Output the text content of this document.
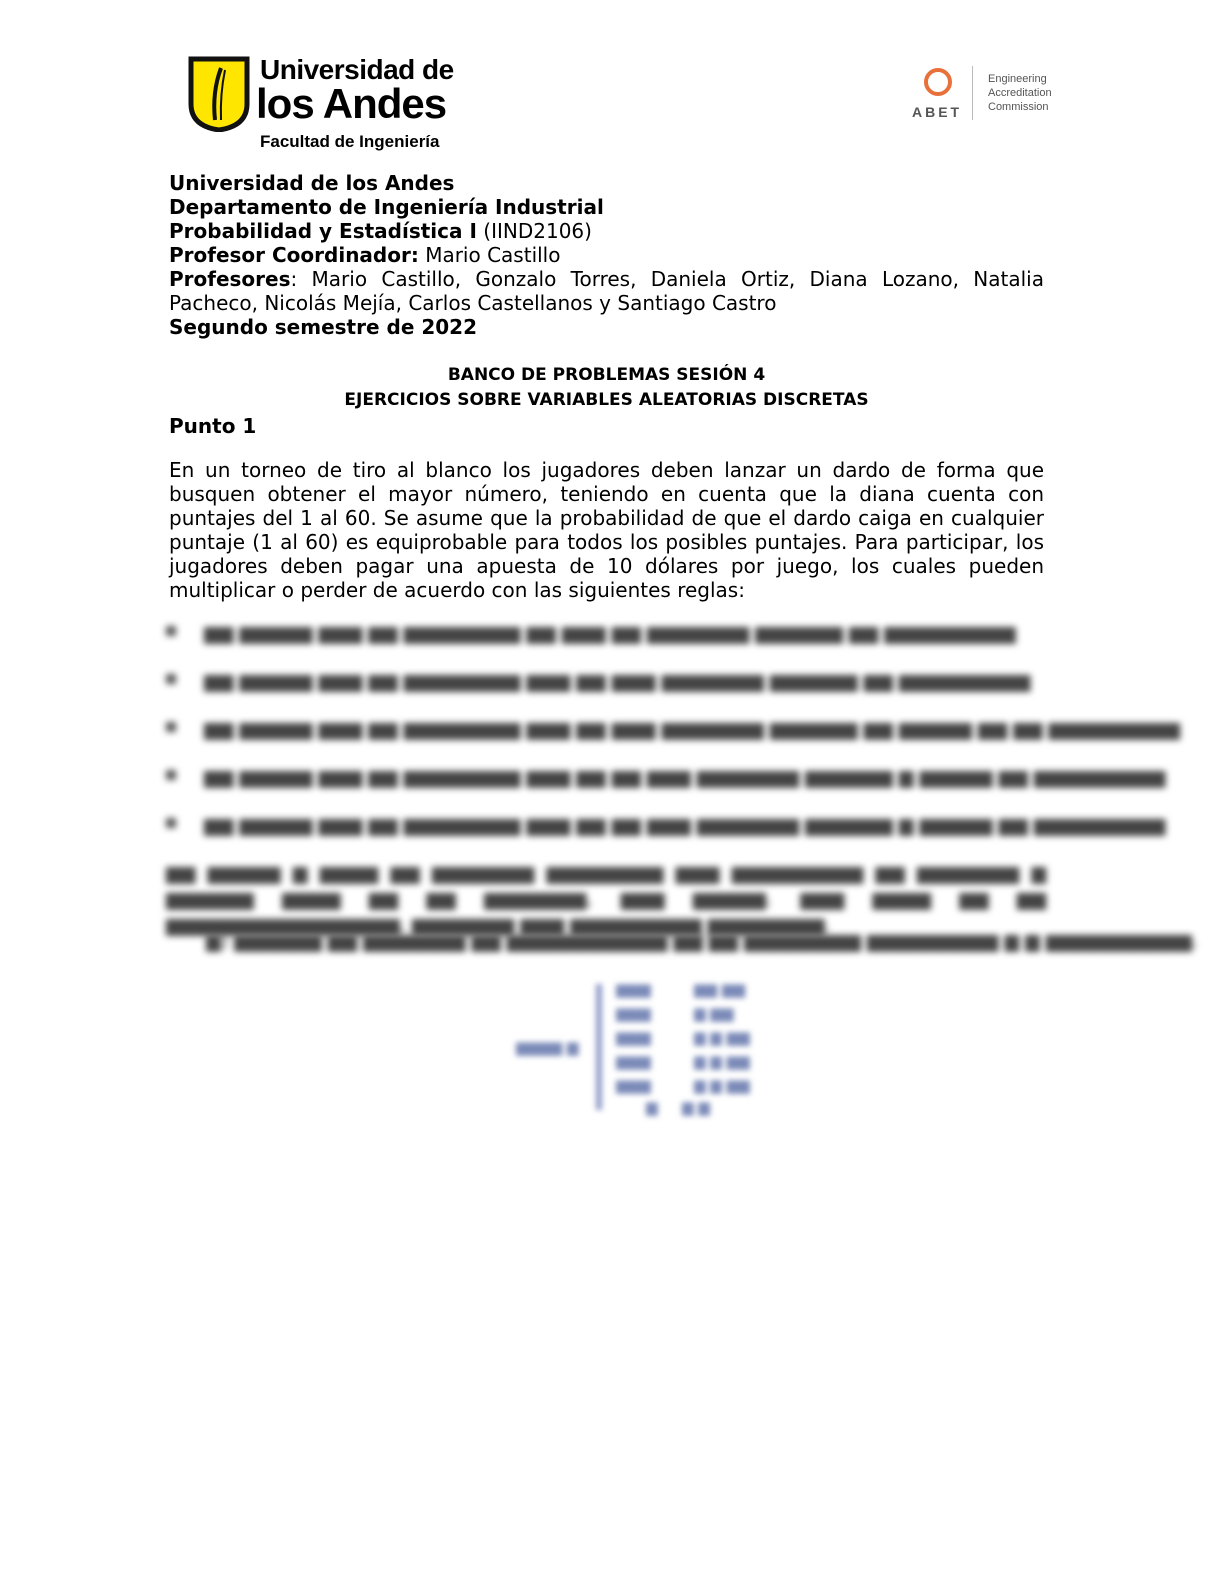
Universidad de
los Andes
Facultad de Ingeniería
ABET
Engineering
Accreditation
Commission
Universidad de los Andes
Departamento de Ingeniería Industrial
Probabilidad y Estadística I (IIND2106)
Profesor Coordinador: Mario Castillo
Profesores: Mario Castillo, Gonzalo Torres, Daniela Ortiz, Diana Lozano, Natalia Pacheco, Nicolás Mejía, Carlos Castellanos y Santiago Castro
Segundo semestre de 2022
BANCO DE PROBLEMAS SESIÓN 4
EJERCICIOS SOBRE VARIABLES ALEATORIAS DISCRETAS
Punto 1
En un torneo de tiro al blanco los jugadores deben lanzar un dardo de forma que busquen obtener el mayor número, teniendo en cuenta que la diana cuenta con puntajes del 1 al 60. Se asume que la probabilidad de que el dardo caiga en cualquier puntaje (1 al 60) es equiprobable para todos los posibles puntajes. Para participar, los jugadores deben pagar una apuesta de 10 dólares por juego, los cuales pueden multiplicar o perder de acuerdo con las siguientes reglas:
▆▆ ▆▆▆▆▆ ▆▆▆ ▆▆ ▆▆▆▆▆▆▆▆ ▆▆ ▆▆▆ ▆▆ ▆▆▆▆▆▆▆ ▆▆▆▆▆▆ ▆▆ ▆▆▆▆▆▆▆▆▆
▆▆ ▆▆▆▆▆ ▆▆▆ ▆▆ ▆▆▆▆▆▆▆▆ ▆▆▆ ▆▆ ▆▆▆ ▆▆▆▆▆▆▆ ▆▆▆▆▆▆ ▆▆ ▆▆▆▆▆▆▆▆▆
▆▆ ▆▆▆▆▆ ▆▆▆ ▆▆ ▆▆▆▆▆▆▆▆ ▆▆▆ ▆▆ ▆▆▆ ▆▆▆▆▆▆▆ ▆▆▆▆▆▆ ▆▆ ▆▆▆▆▆ ▆▆ ▆▆ ▆▆▆▆▆▆▆▆▆
▆▆ ▆▆▆▆▆ ▆▆▆ ▆▆ ▆▆▆▆▆▆▆▆ ▆▆▆ ▆▆ ▆▆ ▆▆▆ ▆▆▆▆▆▆▆ ▆▆▆▆▆▆ ▆ ▆▆▆▆▆ ▆▆ ▆▆▆▆▆▆▆▆▆
▆▆ ▆▆▆▆▆ ▆▆▆ ▆▆ ▆▆▆▆▆▆▆▆ ▆▆▆ ▆▆ ▆▆ ▆▆▆ ▆▆▆▆▆▆▆ ▆▆▆▆▆▆ ▆ ▆▆▆▆▆ ▆▆ ▆▆▆▆▆▆▆▆▆
▆▆ ▆▆▆▆▆ ▆ ▆▆▆▆ ▆▆ ▆▆▆▆▆▆▆ ▆▆▆▆▆▆▆▆ ▆▆▆ ▆▆▆▆▆▆▆▆▆ ▆▆ ▆▆▆▆▆▆▆ ▆ ▆▆▆▆▆▆ ▆▆▆▆ ▆▆ ▆▆ ▆▆▆▆▆▆▆, ▆▆▆ ▆▆▆▆▆. ▆▆▆ ▆▆▆▆ ▆▆ ▆▆ ▆▆▆▆▆▆▆▆▆▆▆▆▆▆▆▆, ▆▆▆▆▆▆▆ ▆▆▆ ▆▆▆▆▆▆▆▆▆ ▆▆▆▆▆▆▆▆.
▆) ▆▆▆▆▆▆ ▆▆ ▆▆▆▆▆▆▆ ▆▆ ▆▆▆▆▆▆▆▆▆▆▆ ▆▆ ▆▆ ▆▆▆▆▆▆▆▆ ▆▆▆▆▆▆▆▆▆ ▆ ▆ ▆▆▆▆▆▆▆▆▆▆.
▆▆▆▆ ▆
▆▆▆	▆▆ ▆▆
▆▆▆	▆ ▆▆
▆▆▆	▆ ▆ ▆▆
▆▆▆	▆ ▆ ▆▆
▆▆▆	▆ ▆ ▆▆
▆ ▆ ▆
